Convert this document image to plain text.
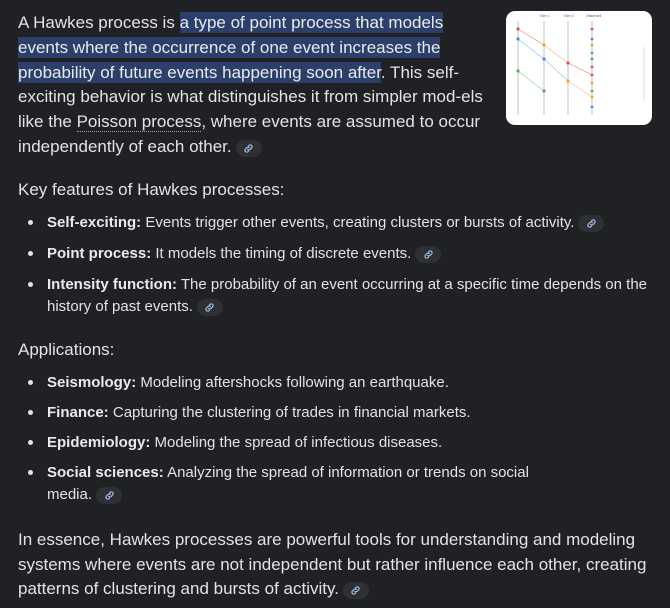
A Hawkes process is a type of point process that models events where the occurrence of one event increases the probability of future events happening soon after. This self-exciting behavior is what distinguishes it from simpler mod-els like the Poisson process, where events are assumed to occur independently of each other.

Gen 1	Gen 2	Observed

Key features of Hawkes processes:

Self-exciting: Events trigger other events, creating clusters or bursts of activity.
Point process: It models the timing of discrete events.
Intensity function: The probability of an event occurring at a specific time depends on the history of past events.

Applications:

Seismology: Modeling aftershocks following an earthquake.
Finance: Capturing the clustering of trades in financial markets.
Epidemiology: Modeling the spread of infectious diseases.
Social sciences: Analyzing the spread of information or trends on social media.

In essence, Hawkes processes are powerful tools for understanding and modeling systems where events are not independent but rather influence each other, creating patterns of clustering and bursts of activity.
